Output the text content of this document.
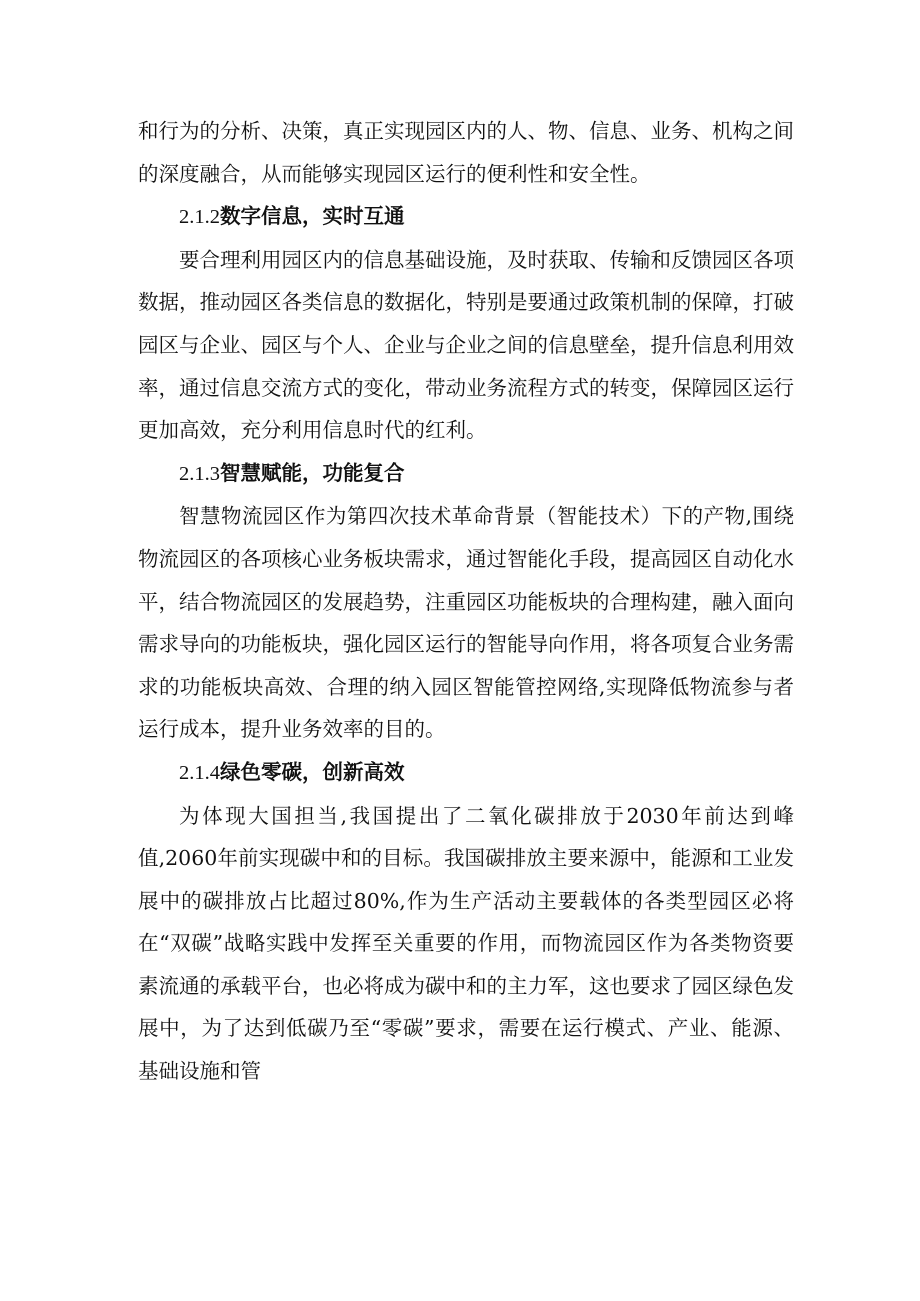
和行为的分析、决策，真正实现园区内的人、物、信息、业务、机构之间的深度融合，从而能够实现园区运行的便利性和安全性。

2.1.2数字信息，实时互通

要合理利用园区内的信息基础设施，及时获取、传输和反馈园区各项数据，推动园区各类信息的数据化，特别是要通过政策机制的保障，打破园区与企业、园区与个人、企业与企业之间的信息壁垒，提升信息利用效率，通过信息交流方式的变化，带动业务流程方式的转变，保障园区运行更加高效，充分利用信息时代的红利。

2.1.3智慧赋能，功能复合

智慧物流园区作为第四次技术革命背景（智能技术）下的产物,围绕物流园区的各项核心业务板块需求，通过智能化手段，提高园区自动化水平，结合物流园区的发展趋势，注重园区功能板块的合理构建，融入面向需求导向的功能板块，强化园区运行的智能导向作用，将各项复合业务需求的功能板块高效、合理的纳入园区智能管控网络,实现降低物流参与者运行成本，提升业务效率的目的。

2.1.4绿色零碳，创新高效

为体现大国担当,我国提出了二氧化碳排放于2030年前达到峰值,2060年前实现碳中和的目标。我国碳排放主要来源中，能源和工业发展中的碳排放占比超过80%,作为生产活动主要载体的各类型园区必将在“双碳”战略实践中发挥至关重要的作用，而物流园区作为各类物资要素流通的承载平台，也必将成为碳中和的主力军，这也要求了园区绿色发展中，为了达到低碳乃至“零碳”要求，需要在运行模式、产业、能源、基础设施和管
